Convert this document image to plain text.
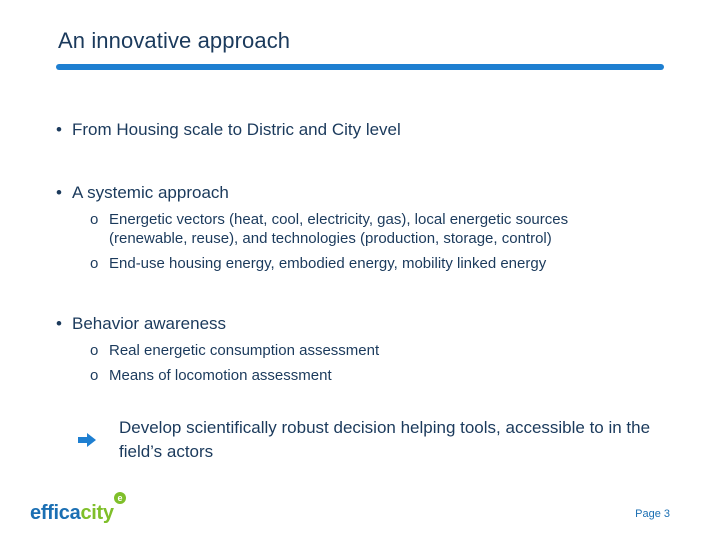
An innovative approach
• From Housing scale to Distric and City level
• A systemic approach
o Energetic vectors (heat, cool, electricity, gas), local energetic sources (renewable, reuse), and technologies (production, storage, control)
o End-use housing energy, embodied energy, mobility linked energy
• Behavior awareness
o Real energetic consumption assessment
o Means of locomotion assessment
Develop scientifically robust decision helping tools, accessible to in the field’s actors
efficacity
e
Page 3
